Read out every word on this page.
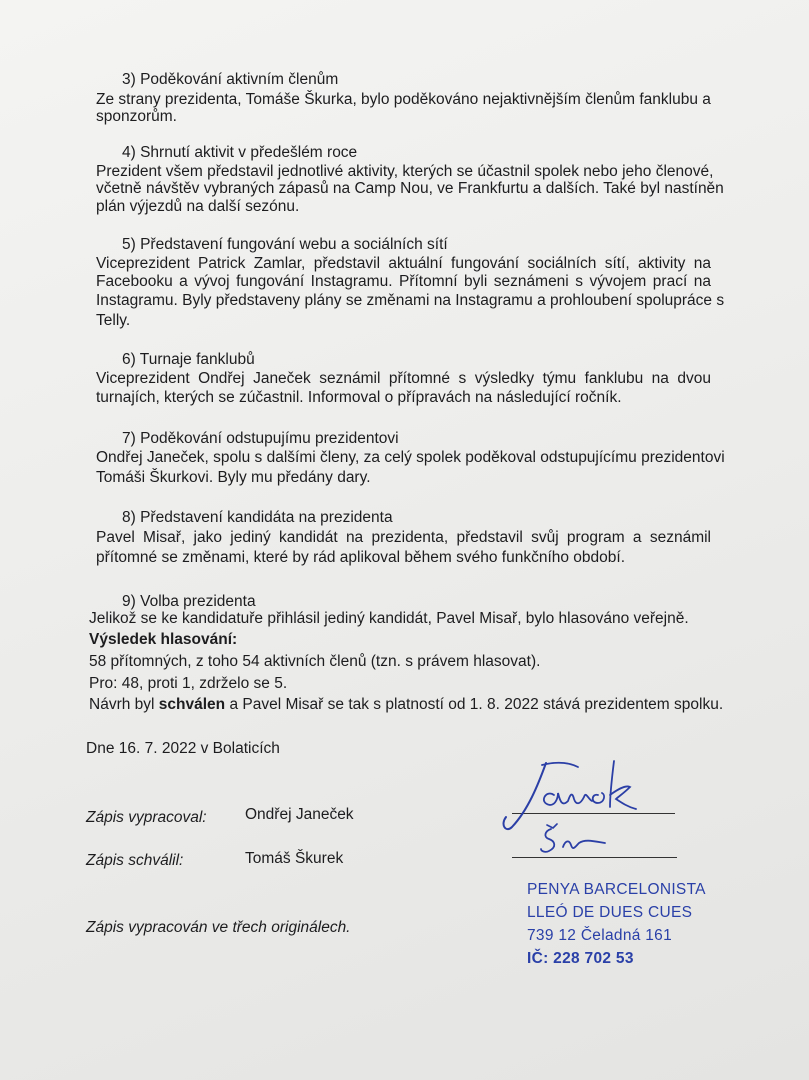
3) Poděkování aktivním členům
Ze strany prezidenta, Tomáše Škurka, bylo poděkováno nejaktivnějším členům fanklubu a
sponzorům.
4) Shrnutí aktivit v předešlém roce
Prezident všem představil jednotlivé aktivity, kterých se účastnil spolek nebo jeho členové,
včetně návštěv vybraných zápasů na Camp Nou, ve Frankfurtu a dalších. Také byl nastíněn
plán výjezdů na další sezónu.
5) Představení fungování webu a sociálních sítí
Viceprezident Patrick Zamlar, představil aktuální fungování sociálních sítí, aktivity na
Facebooku a vývoj fungování Instagramu. Přítomní byli seznámeni s vývojem prací na
Instagramu. Byly představeny plány se změnami na Instagramu a prohloubení spolupráce s
Telly.
6) Turnaje fanklubů
Viceprezident Ondřej Janeček seznámil přítomné s výsledky týmu fanklubu na dvou
turnajích, kterých se zúčastnil. Informoval o přípravách na následující ročník.
7) Poděkování odstupujímu prezidentovi
Ondřej Janeček, spolu s dalšími členy, za celý spolek poděkoval odstupujícímu prezidentovi
Tomáši Škurkovi. Byly mu předány dary.
8) Představení kandidáta na prezidenta
Pavel Misař, jako jediný kandidát na prezidenta, představil svůj program a seznámil
přítomné se změnami, které by rád aplikoval během svého funkčního období.
9) Volba prezidenta
Jelikož se ke kandidatuře přihlásil jediný kandidát, Pavel Misař, bylo hlasováno veřejně.
Výsledek hlasování:
58 přítomných, z toho 54 aktivních členů (tzn. s právem hlasovat).
Pro: 48, proti 1, zdrželo se 5.
Návrh byl schválen a Pavel Misař se tak s platností od 1. 8. 2022 stává prezidentem spolku.
Dne 16. 7. 2022 v Bolaticích
Zápis vypracoval: Ondřej Janeček
Zápis schválil:	Tomáš Škurek
Zápis vypracován ve třech originálech.
PENYA BARCELONISTA
LLEÓ DE DUES CUES
739 12 Čeladná 161
IČ: 228 702 53
